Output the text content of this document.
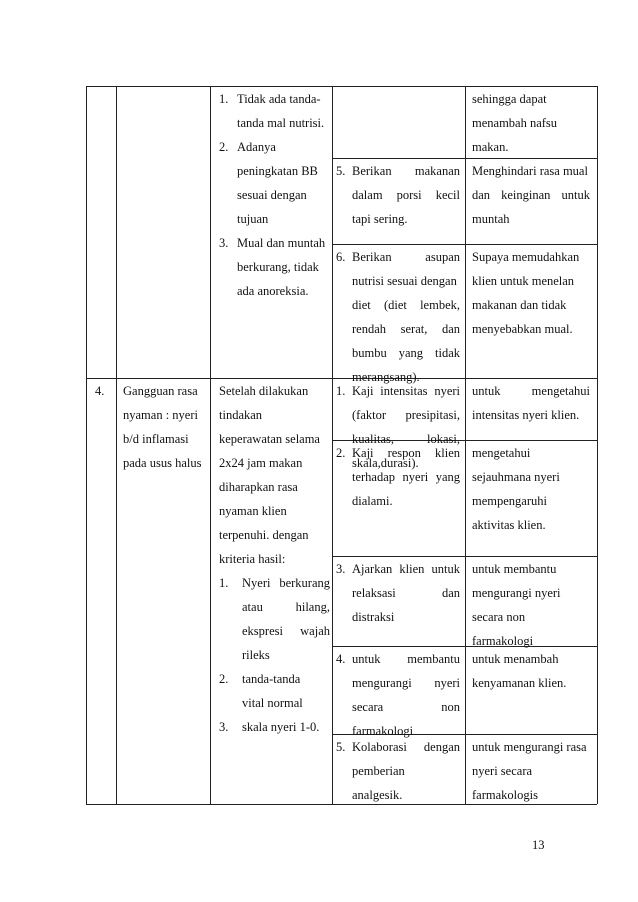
1. Tidak ada tanda-
tanda mal nutrisi.
2. Adanya
peningkatan BB
sesuai dengan
tujuan
3. Mual dan muntah
berkurang, tidak
ada anoreksia.
sehingga dapat
menambah nafsu
makan.
5. Berikan makanan
dalam porsi kecil
tapi sering.
Menghindari rasa mual
dan keinginan untuk
muntah
6. Berikan asupan
nutrisi sesuai dengan
diet (diet lembek,
rendah serat, dan
bumbu yang tidak
merangsang).
Supaya memudahkan
klien untuk menelan
makanan dan tidak
menyebabkan mual.
4. Gangguan rasa
nyaman : nyeri
b/d inflamasi
pada usus halus
Setelah dilakukan
tindakan
keperawatan selama
2x24 jam makan
diharapkan rasa
nyaman klien
terpenuhi. dengan
kriteria hasil:
1. Nyeri berkurang
atau hilang,
ekspresi wajah
rileks
2. tanda-tanda
vital normal
3. skala nyeri 1-0.
1. Kaji intensitas nyeri
(faktor presipitasi,
kualitas, lokasi,
skala,durasi).
untuk mengetahui
intensitas nyeri klien.
2. Kaji respon klien
terhadap nyeri yang
dialami.
mengetahui
sejauhmana nyeri
mempengaruhi
aktivitas klien.
3. Ajarkan klien untuk
relaksasi dan
distraksi
untuk membantu
mengurangi nyeri
secara non
farmakologi
4. untuk membantu
mengurangi nyeri
secara non
farmakologi
untuk menambah
kenyamanan klien.
5. Kolaborasi dengan
pemberian
analgesik.
untuk mengurangi rasa
nyeri secara
farmakologis
13
